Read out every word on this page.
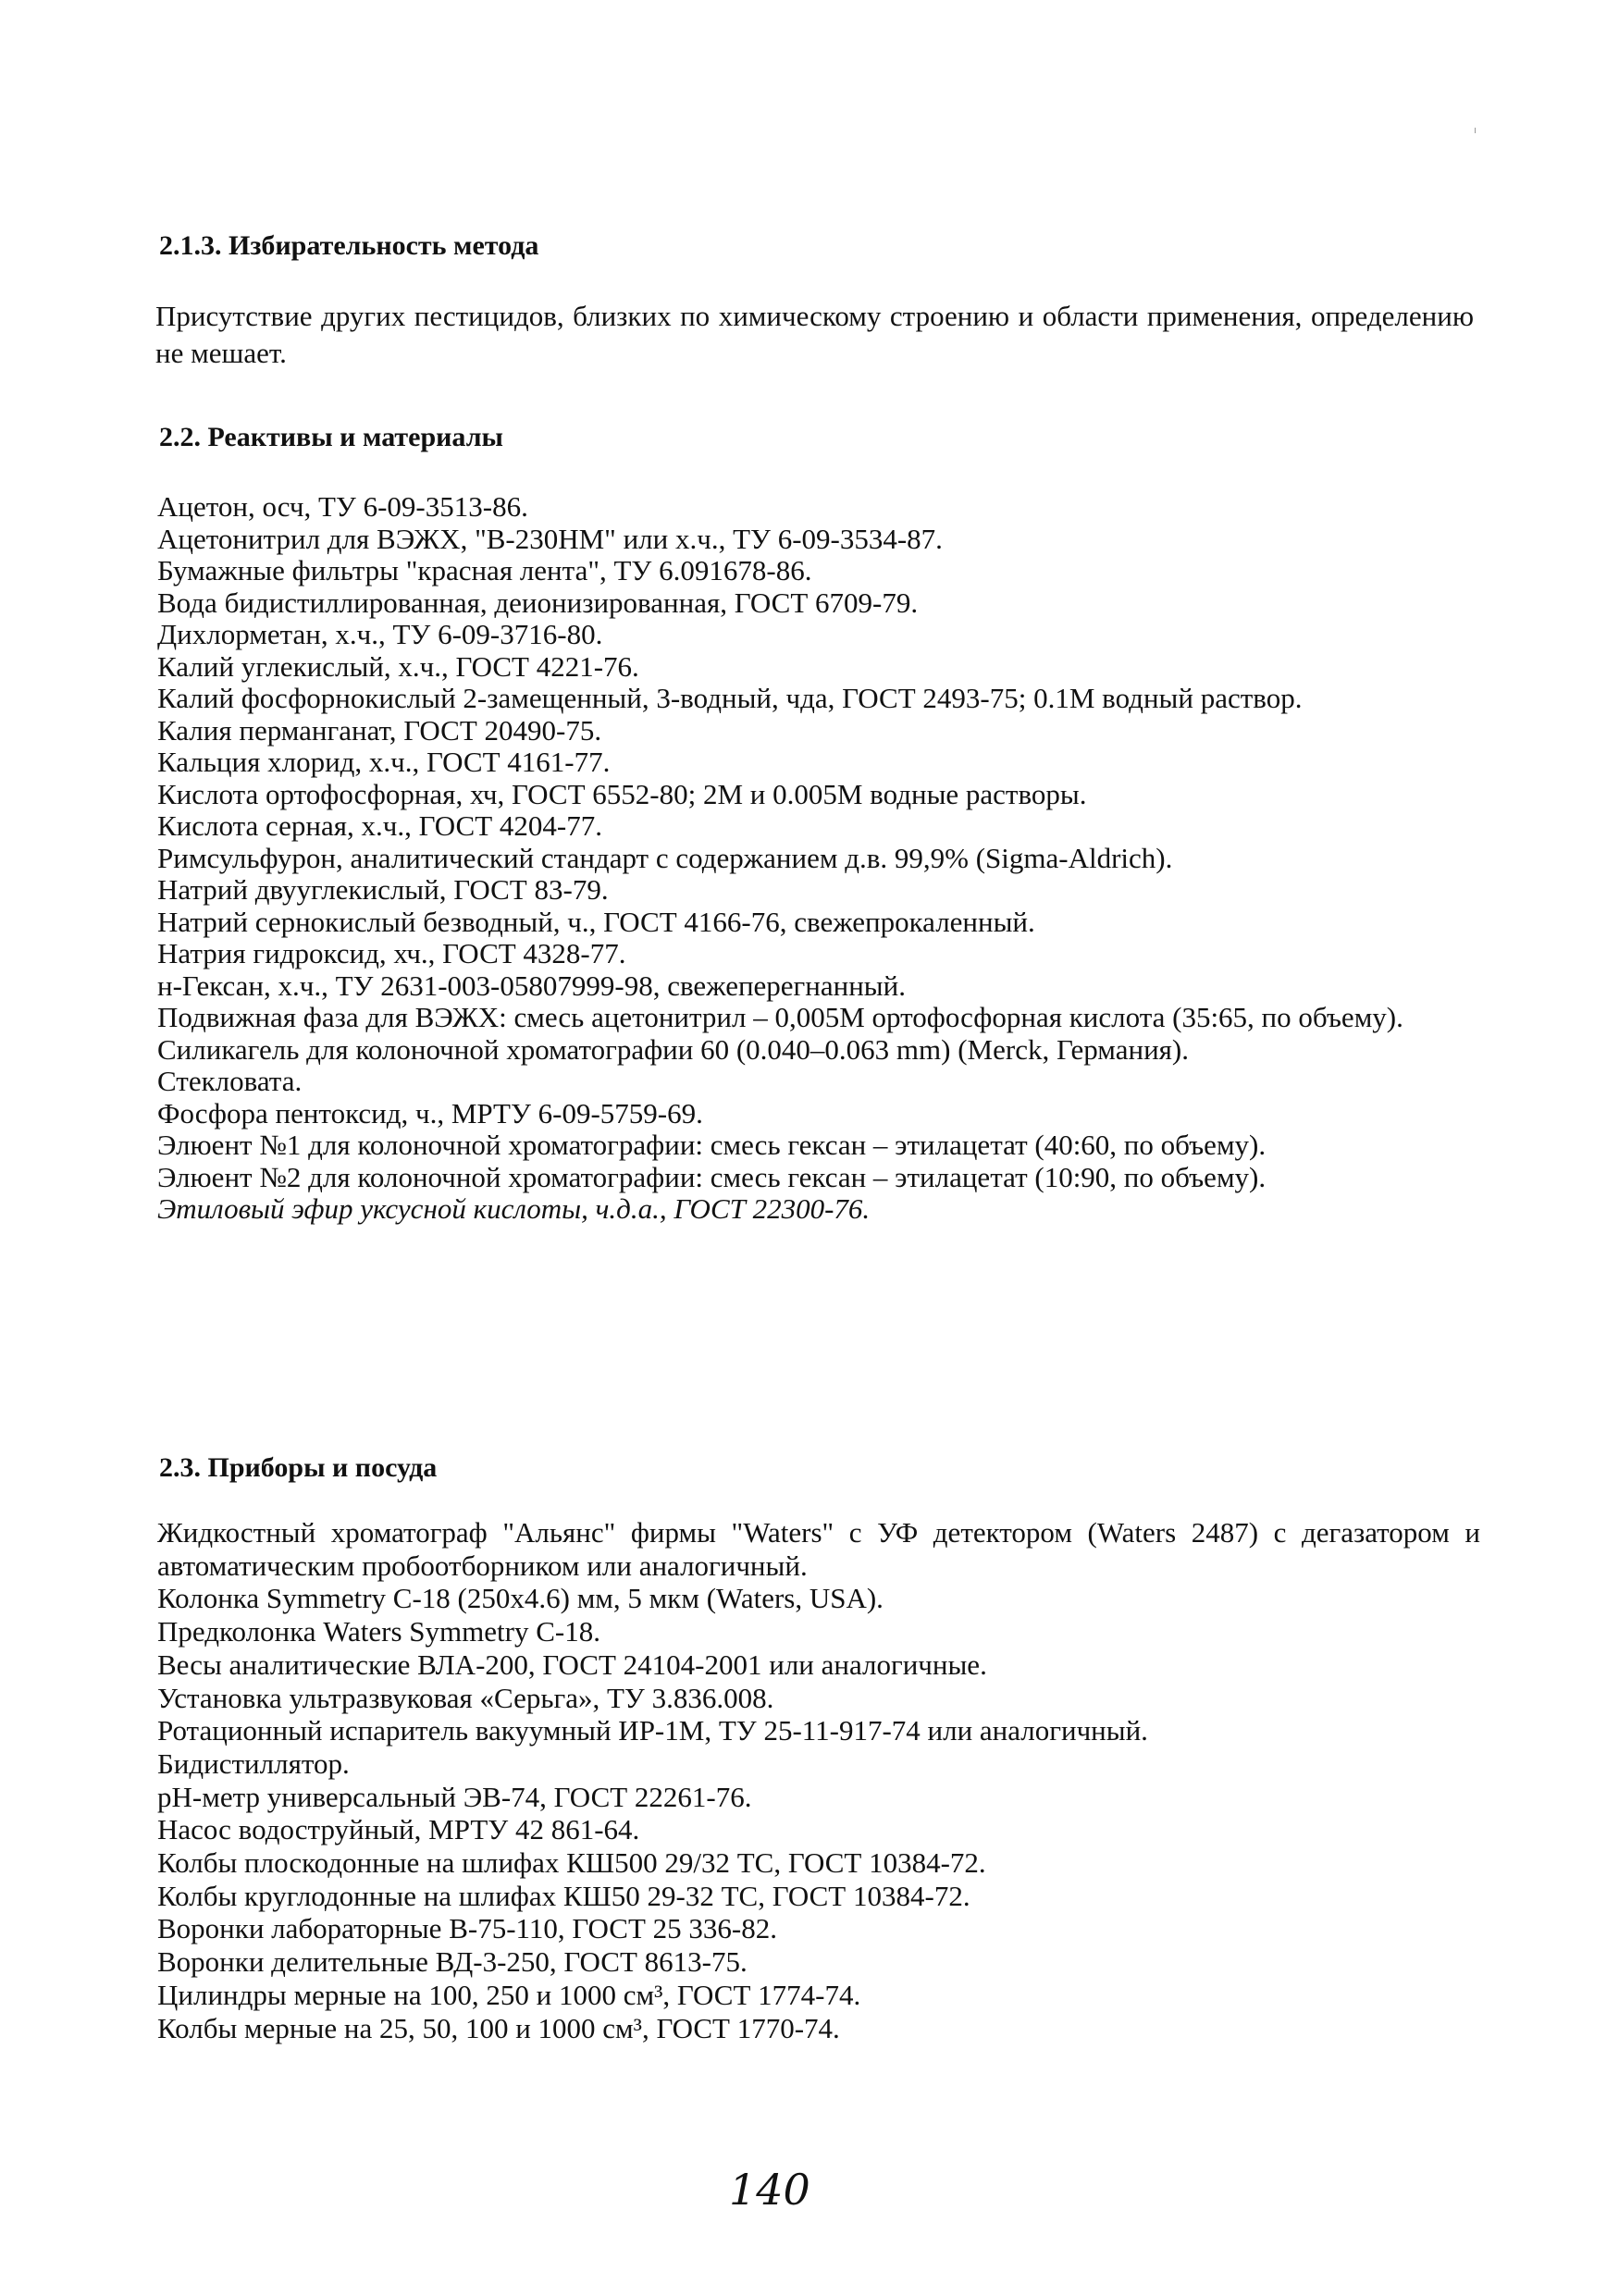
2.1.3. Избирательность метода
Присутствие других пестицидов, близких по химическому строению и области применения, определению не мешает.
2.2. Реактивы и материалы
Ацетон, осч, ТУ 6-09-3513-86.
Ацетонитрил для ВЭЖХ, "В-230НМ" или х.ч., ТУ 6-09-3534-87.
Бумажные фильтры "красная лента", ТУ 6.091678-86.
Вода бидистиллированная, деионизированная, ГОСТ 6709-79.
Дихлорметан, х.ч., ТУ 6-09-3716-80.
Калий углекислый, х.ч., ГОСТ 4221-76.
Калий фосфорнокислый 2-замещенный, 3-водный, чда, ГОСТ 2493-75; 0.1М водный раствор.
Калия перманганат, ГОСТ 20490-75.
Кальция хлорид, х.ч., ГОСТ 4161-77.
Кислота ортофосфорная, хч, ГОСТ 6552-80; 2М и 0.005М водные растворы.
Кислота серная, х.ч., ГОСТ 4204-77.
Римсульфурон, аналитический стандарт с содержанием д.в. 99,9% (Sigma-Aldrich).
Натрий двууглекислый, ГОСТ 83-79.
Натрий сернокислый безводный, ч., ГОСТ 4166-76, свежепрокаленный.
Натрия гидроксид, хч., ГОСТ 4328-77.
н-Гексан, х.ч., ТУ 2631-003-05807999-98, свежеперегнанный.
Подвижная фаза для ВЭЖХ: смесь ацетонитрил – 0,005М ортофосфорная кислота (35:65, по объему).
Силикагель для колоночной хроматографии 60 (0.040–0.063 mm) (Merck, Германия).
Стекловата.
Фосфора пентоксид, ч., МРТУ 6-09-5759-69.
Элюент №1 для колоночной хроматографии: смесь гексан – этилацетат (40:60, по объему).
Элюент №2 для колоночной хроматографии: смесь гексан – этилацетат (10:90, по объему).
Этиловый эфир уксусной кислоты, ч.д.а., ГОСТ 22300-76.
2.3. Приборы и посуда
Жидкостный хроматограф "Альянс" фирмы "Waters" с УФ детектором (Waters 2487) с дегазатором и автоматическим пробоотборником или аналогичный.
Колонка Symmetry C-18 (250x4.6) мм, 5 мкм (Waters, USA).
Предколонка Waters Symmetry C-18.
Весы аналитические ВЛА-200, ГОСТ 24104-2001 или аналогичные.
Установка ультразвуковая «Серьга», ТУ 3.836.008.
Ротационный испаритель вакуумный ИР-1М, ТУ 25-11-917-74 или аналогичный.
Бидистиллятор.
pH-метр универсальный ЭВ-74, ГОСТ 22261-76.
Насос водоструйный, МРТУ 42 861-64.
Колбы плоскодонные на шлифах КШ500 29/32 ТС, ГОСТ 10384-72.
Колбы круглодонные на шлифах КШ50 29-32 ТС, ГОСТ 10384-72.
Воронки лабораторные В-75-110, ГОСТ 25 336-82.
Воронки делительные ВД-3-250, ГОСТ 8613-75.
Цилиндры мерные на 100, 250 и 1000 см³, ГОСТ 1774-74.
Колбы мерные на 25, 50, 100 и 1000 см³, ГОСТ 1770-74.
140
